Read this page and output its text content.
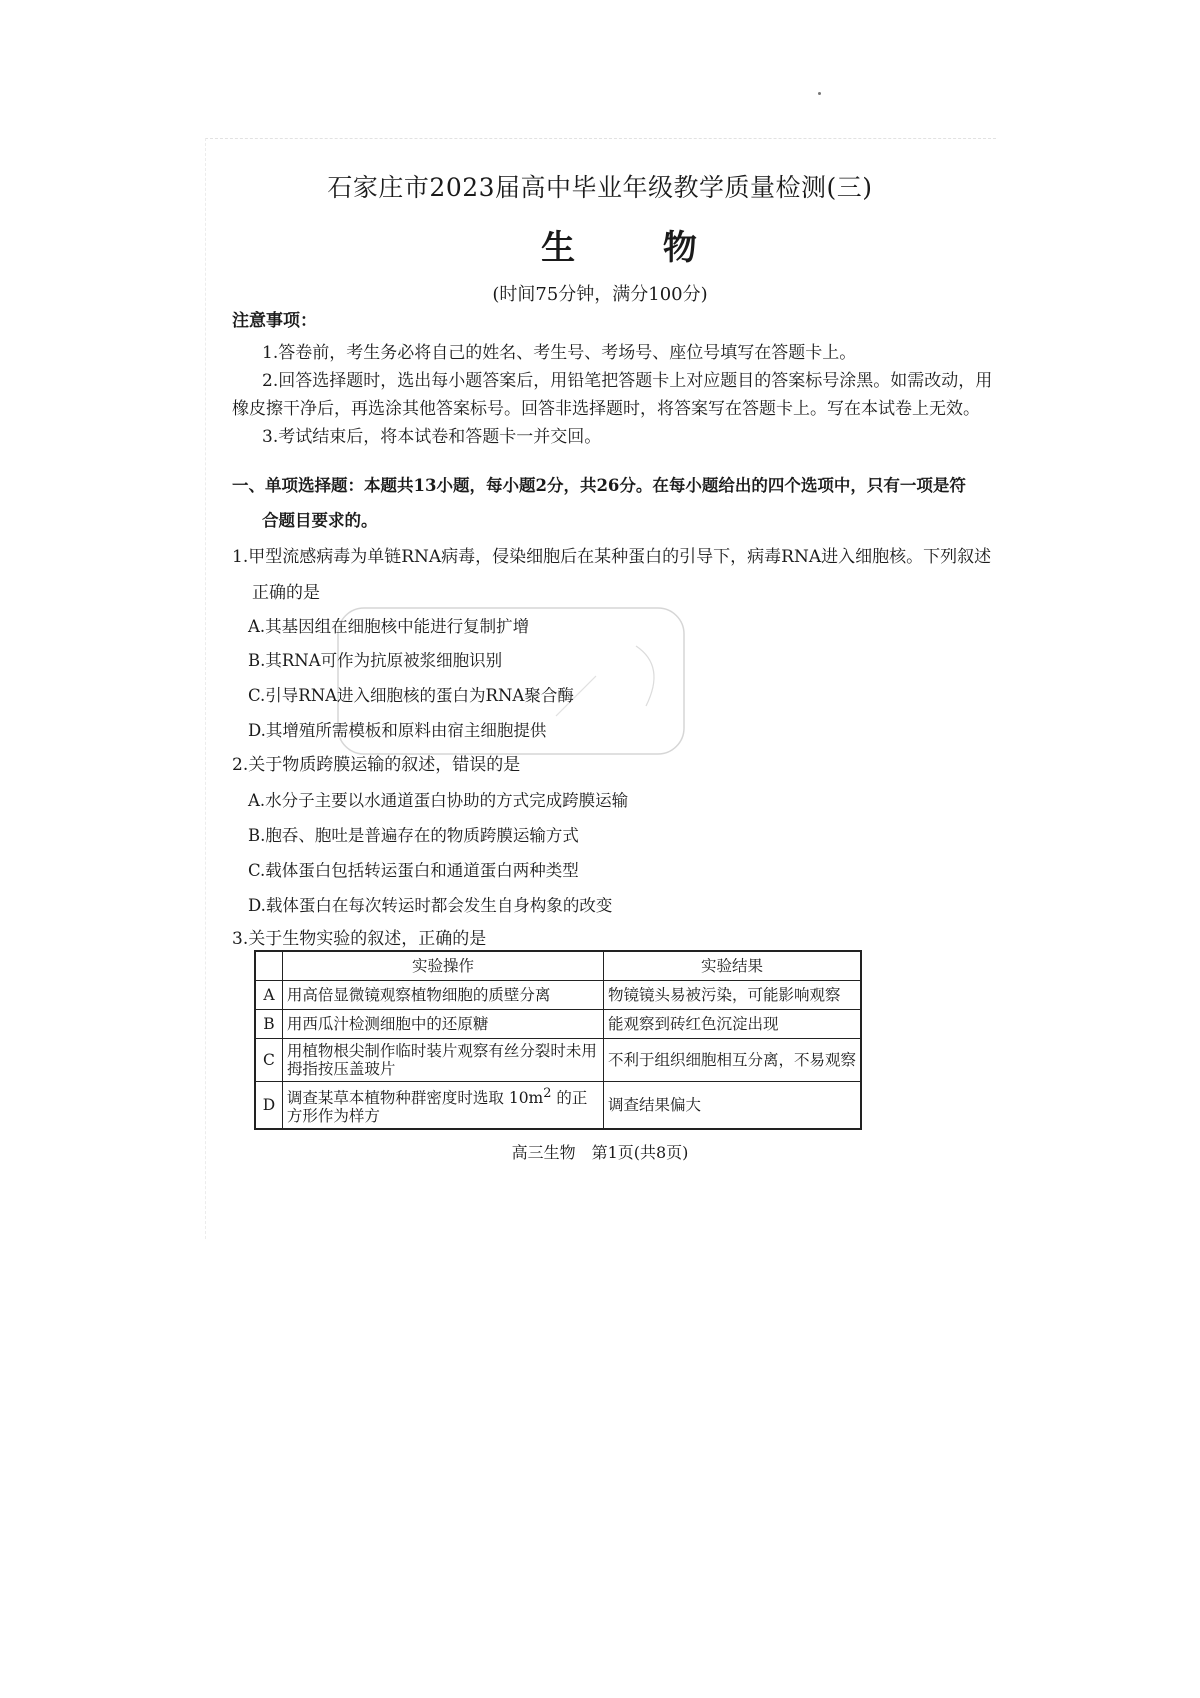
石家庄市2023届高中毕业年级教学质量检测(三)
生 物
(时间75分钟，满分100分)
注意事项：
1.答卷前，考生务必将自己的姓名、考生号、考场号、座位号填写在答题卡上。
2.回答选择题时，选出每小题答案后，用铅笔把答题卡上对应题目的答案标号涂黑。如需改动，用
橡皮擦干净后，再选涂其他答案标号。回答非选择题时，将答案写在答题卡上。写在本试卷上无效。
3.考试结束后，将本试卷和答题卡一并交回。
一、单项选择题：本题共13小题，每小题2分，共26分。在每小题给出的四个选项中，只有一项是符
合题目要求的。
1.甲型流感病毒为单链RNA病毒，侵染细胞后在某种蛋白的引导下，病毒RNA进入细胞核。下列叙述
正确的是
A.其基因组在细胞核中能进行复制扩增
B.其RNA可作为抗原被浆细胞识别
C.引导RNA进入细胞核的蛋白为RNA聚合酶
D.其增殖所需模板和原料由宿主细胞提供
2.关于物质跨膜运输的叙述，错误的是
A.水分子主要以水通道蛋白协助的方式完成跨膜运输
B.胞吞、胞吐是普遍存在的物质跨膜运输方式
C.载体蛋白包括转运蛋白和通道蛋白两种类型
D.载体蛋白在每次转运时都会发生自身构象的改变
3.关于生物实验的叙述，正确的是
	实验操作	实验结果
A	用高倍显微镜观察植物细胞的质壁分离	物镜镜头易被污染，可能影响观察
B	用西瓜汁检测细胞中的还原糖	能观察到砖红色沉淀出现
C	用植物根尖制作临时装片观察有丝分裂时未用拇指按压盖玻片	不利于组织细胞相互分离，不易观察
D	调查某草本植物种群密度时选取 $10m^2$ 的正方形作为样方	调查结果偏大
高三生物　第1页(共8页)
